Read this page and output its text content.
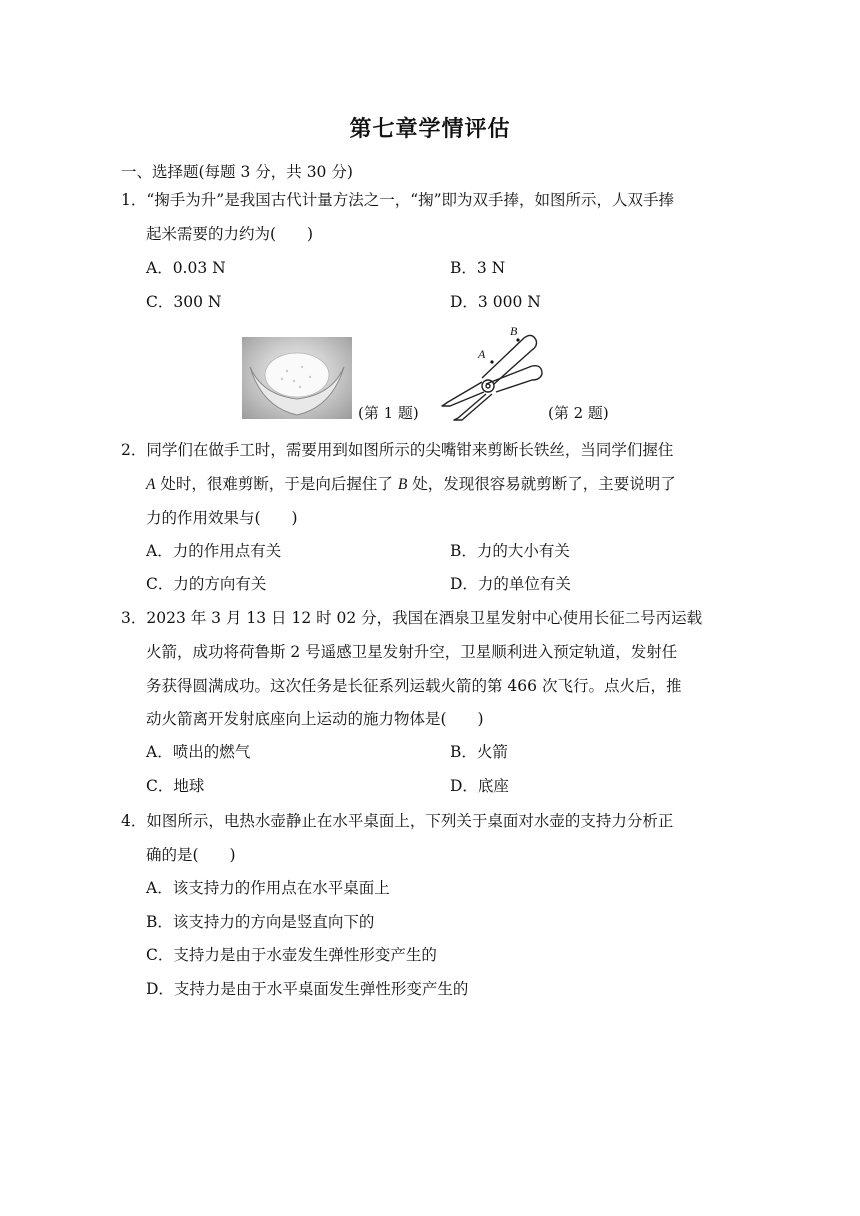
第七章学情评估
一、选择题(每题 3 分，共 30 分)
1．“掬手为升”是我国古代计量方法之一，“掬”即为双手捧，如图所示，人双手捧
起米需要的力约为(　　)
A．0.03 N	B．3 N
C．300 N	D．3 000 N
(第 1 题)
A
B
(第 2 题)
2．同学们在做手工时，需要用到如图所示的尖嘴钳来剪断长铁丝，当同学们握住
A 处时，很难剪断，于是向后握住了 B 处，发现很容易就剪断了，主要说明了
力的作用效果与(　　)
A．力的作用点有关	B．力的大小有关
C．力的方向有关	D．力的单位有关
3．2023 年 3 月 13 日 12 时 02 分，我国在酒泉卫星发射中心使用长征二号丙运载
火箭，成功将荷鲁斯 2 号遥感卫星发射升空，卫星顺利进入预定轨道，发射任
务获得圆满成功。这次任务是长征系列运载火箭的第 466 次飞行。点火后，推
动火箭离开发射底座向上运动的施力物体是(　　)
A．喷出的燃气	B．火箭
C．地球	D．底座
4．如图所示，电热水壶静止在水平桌面上，下列关于桌面对水壶的支持力分析正
确的是(　　)
A．该支持力的作用点在水平桌面上
B．该支持力的方向是竖直向下的
C．支持力是由于水壶发生弹性形变产生的
D．支持力是由于水平桌面发生弹性形变产生的
